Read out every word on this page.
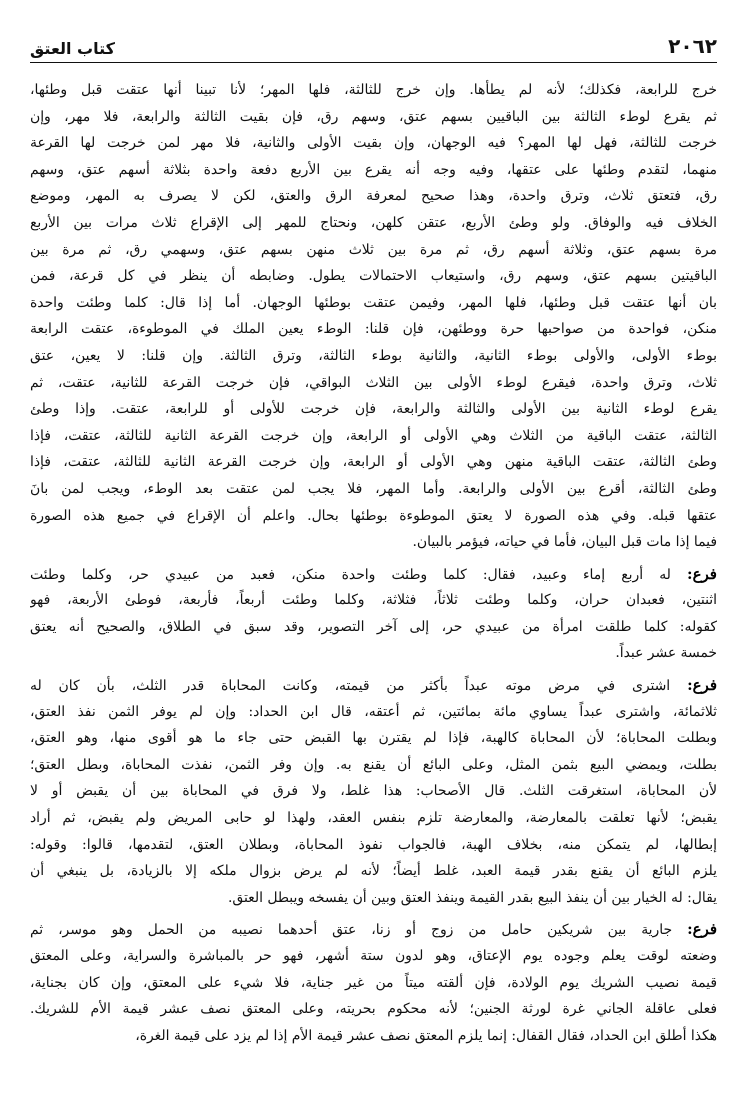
٢٠٦٢
كتاب العتق
خرج للرابعة، فكذلك؛ لأنه لم يطأها. وإن خرج للثالثة، فلها المهر؛ لأنا تبينا أنها عتقت قبل وطئها،
ثم يقرع لوطء الثالثة بين الباقيين بسهم عتق، وسهم رق، فإن بقيت الثالثة والرابعة، فلا مهر، وإن
خرجت للثالثة، فهل لها المهر؟ فيه الوجهان، وإن بقيت الأولى والثانية، فلا مهر لمن خرجت لها القرعة
منهما، لتقدم وطئها على عتقها، وفيه وجه أنه يقرع بين الأربع دفعة واحدة بثلاثة أسهم عتق، وسهم
رق، فتعتق ثلاث، وترق واحدة، وهذا صحيح لمعرفة الرق والعتق، لكن لا يصرف به المهر، وموضع
الخلاف فيه والوفاق. ولو وطئ الأربع، عتقن كلهن، ونحتاج للمهر إلى الإقراع ثلاث مرات بين الأربع
مرة بسهم عتق، وثلاثة أسهم رق، ثم مرة بين ثلاث منهن بسهم عتق، وسهمي رق، ثم مرة بين
الباقيتين بسهم عتق، وسهم رق، واستيعاب الاحتمالات يطول. وضابطه أن ينظر في كل قرعة، فمن
بان أنها عتقت قبل وطئها، فلها المهر، وفيمن عتقت بوطئها الوجهان. أما إذا قال: كلما وطئت واحدة
منكن، فواحدة من صواحبها حرة ووطئهن، فإن قلنا: الوطء يعين الملك في الموطوءة، عتقت الرابعة
بوطء الأولى، والأولى بوطء الثانية، والثانية بوطء الثالثة، وترق الثالثة. وإن قلنا: لا يعين، عتق
ثلاث، وترق واحدة، فيقرع لوطء الأولى بين الثلاث البواقي، فإن خرجت القرعة للثانية، عتقت، ثم
يقرع لوطء الثانية بين الأولى والثالثة والرابعة، فإن خرجت للأولى أو للرابعة، عتقت. وإذا وطئ
الثالثة، عتقت الباقية من الثلاث وهي الأولى أو الرابعة، وإن خرجت القرعة الثانية للثالثة، عتقت، فإذا
وطئ الثالثة، عتقت الباقية منهن وهي الأولى أو الرابعة، وإن خرجت القرعة الثانية للثالثة، عتقت، فإذا
وطئ الثالثة، أقرع بين الأولى والرابعة. وأما المهر، فلا يجب لمن عتقت بعد الوطء، ويجب لمن بانَ
عتقها قبله. وفي هذه الصورة لا يعتق الموطوءة بوطئها بحال. واعلم أن الإقراع في جميع هذه الصورة
فيما إذا مات قبل البيان، فأما في حياته، فيؤمر بالبيان.
فرع: له أربع إماء وعبيد، فقال: كلما وطئت واحدة منكن، فعبد من عبيدي حر، وكلما وطئت
اثنتين، فعبدان حران، وكلما وطئت ثلاثاً، فثلاثة، وكلما وطئت أربعاً، فأربعة، فوطئ الأربعة، فهو
كقوله: كلما طلقت امرأة من عبيدي حر، إلى آخر التصوير، وقد سبق في الطلاق، والصحيح أنه يعتق
خمسة عشر عبداً.
فرع: اشترى في مرض موته عبداً بأكثر من قيمته، وكانت المحاباة قدر الثلث، بأن كان له
ثلاثمائة، واشترى عبداً يساوي مائة بمائتين، ثم أعتقه، قال ابن الحداد: وإن لم يوفر الثمن نفذ العتق،
وبطلت المحاباة؛ لأن المحاباة كالهبة، فإذا لم يقترن بها القبض حتى جاء ما هو أقوى منها، وهو العتق،
بطلت، ويمضي البيع بثمن المثل، وعلى البائع أن يقنع به. وإن وفر الثمن، نفذت المحاباة، وبطل العتق؛
لأن المحاباة، استغرقت الثلث. قال الأصحاب: هذا غلط، ولا فرق في المحاباة بين أن يقبض أو لا
يقبض؛ لأنها تعلقت بالمعارضة، والمعارضة تلزم بنفس العقد، ولهذا لو حابى المريض ولم يقبض، ثم أراد
إبطالها، لم يتمكن منه، بخلاف الهبة، فالجواب نفوذ المحاباة، وبطلان العتق، لتقدمها، قالوا: وقوله:
يلزم البائع أن يقنع بقدر قيمة العبد، غلط أيضاً؛ لأنه لم يرض بزوال ملكه إلا بالزيادة، بل ينبغي أن
يقال: له الخيار بين أن ينفذ البيع بقدر القيمة وينفذ العتق وبين أن يفسخه ويبطل العتق.
فرع: جارية بين شريكين حامل من زوج أو زنا، عتق أحدهما نصيبه من الحمل وهو موسر، ثم
وضعته لوقت يعلم وجوده يوم الإعتاق، وهو لدون ستة أشهر، فهو حر بالمباشرة والسراية، وعلى المعتق
قيمة نصيب الشريك يوم الولادة، فإن ألقته ميتاً من غير جناية، فلا شيء على المعتق، وإن كان بجناية،
فعلى عاقلة الجاني غرة لورثة الجنين؛ لأنه محكوم بحريته، وعلى المعتق نصف عشر قيمة الأم للشريك.
هكذا أطلق ابن الحداد، فقال القفال: إنما يلزم المعتق نصف عشر قيمة الأم إذا لم يزد على قيمة الغرة،
